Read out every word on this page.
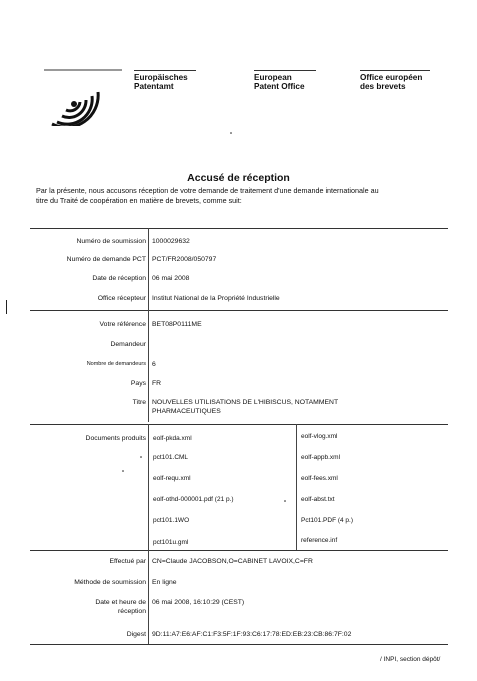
Europäisches
Patentamt
European
Patent Office
Office européen
des brevets
Accusé de réception
Par la présente, nous accusons réception de votre demande de traitement d'une demande internationale au
titre du Traité de coopération en matière de brevets, comme suit:
Numéro de soumission 1000029632
Numéro de demande PCT PCT/FR2008/050797
Date de réception 06 mai 2008
Office récepteur Institut National de la Propriété Industrielle
Votre référence BET08P0111ME
Demandeur
Nombre de demandeurs 6
Pays FR
Titre NOUVELLES UTILISATIONS DE L'HIBISCUS, NOTAMMENT
PHARMACEUTIQUES
Documents produits eolf-pkda.xml
pct101.CML
eolf-requ.xml
eolf-othd-000001.pdf (21 p.)
pct101.1WO
pct101u.gml
eolf-vlog.xml
eolf-appb.xml
eolf-fees.xml
eolf-abst.txt
Pct101.PDF (4 p.)
reference.inf
Effectué par CN=Claude JACOBSON,O=CABINET LAVOIX,C=FR
Méthode de soumission En ligne
Date et heure de
réception
06 mai 2008, 16:10:29 (CEST)
Digest 9D:11:A7:E6:AF:C1:F3:5F:1F:93:C6:17:78:ED:EB:23:CB:86:7F:02
/ INPI, section dépôt/
